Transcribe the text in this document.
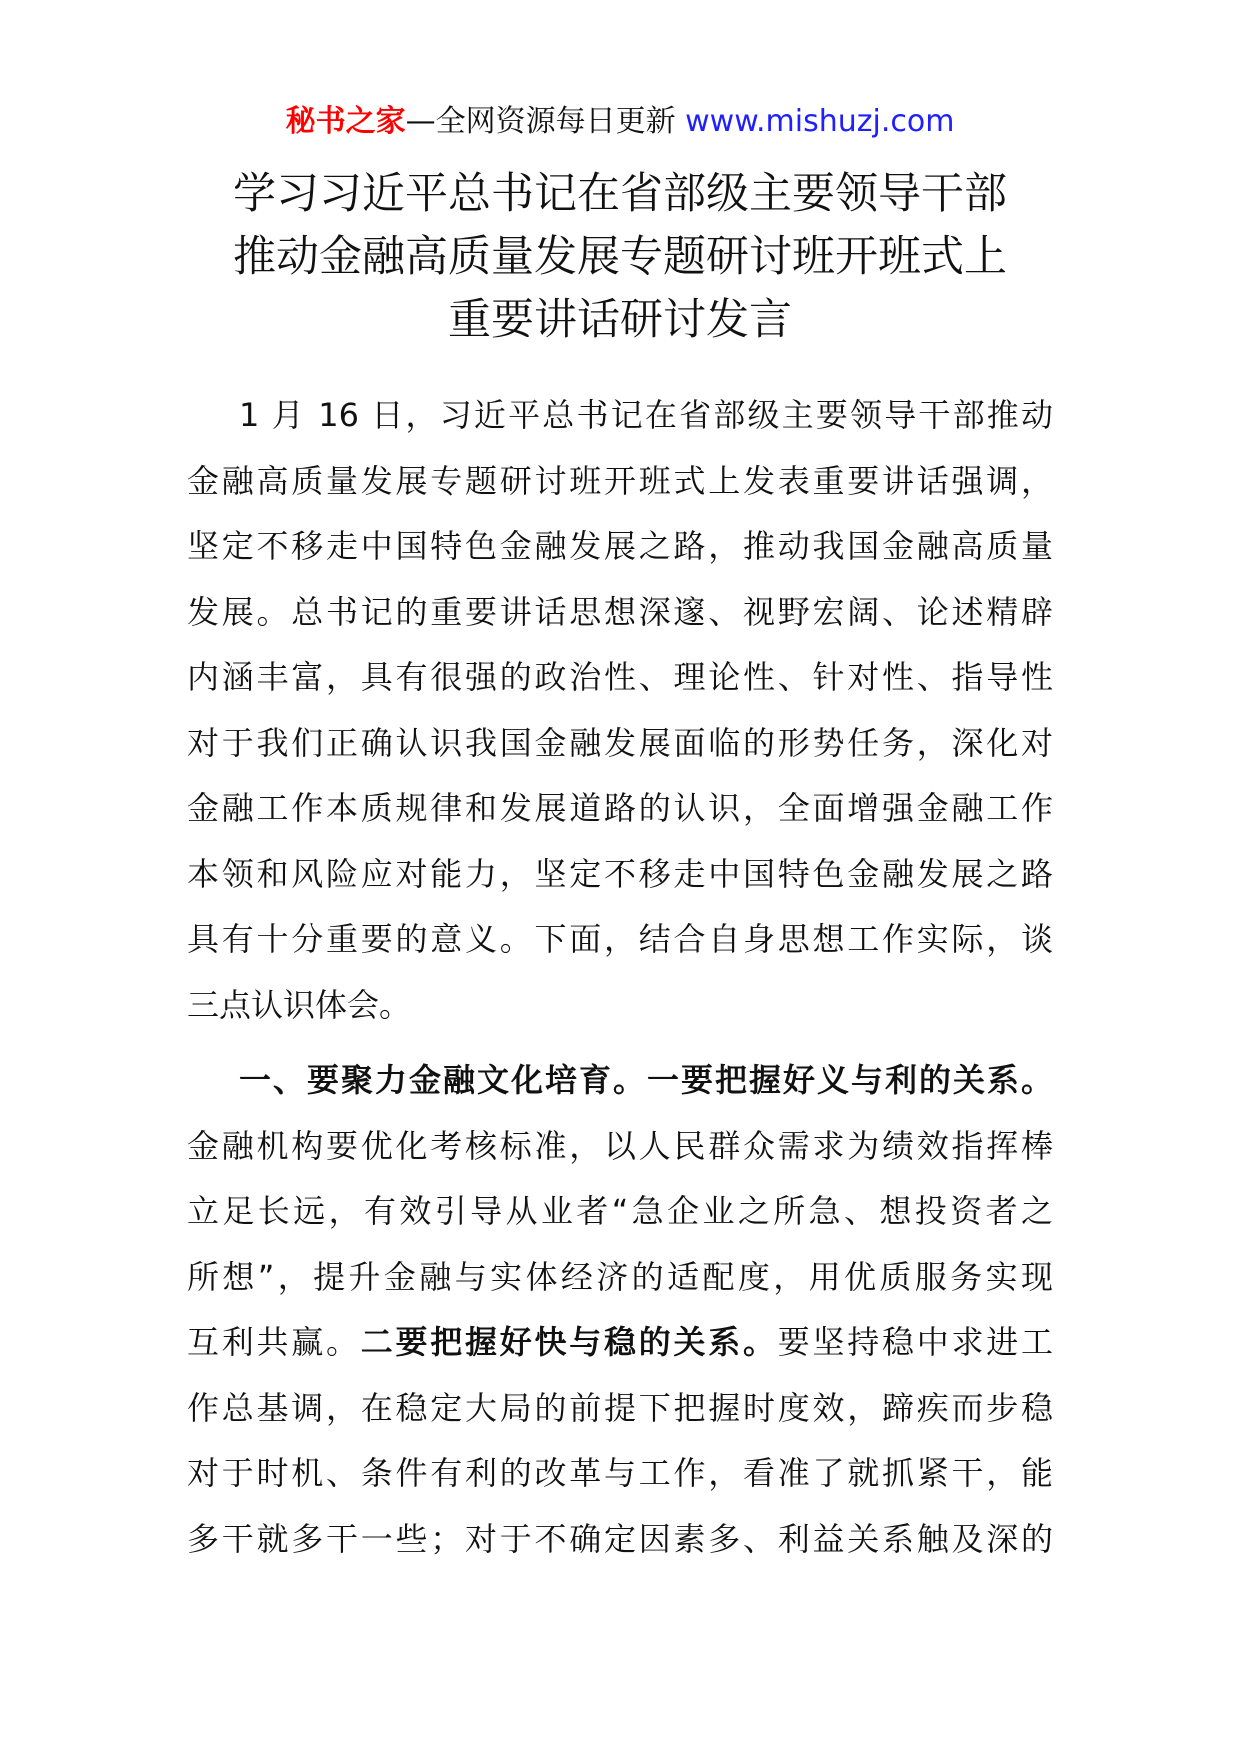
秘书之家—全网资源每日更新 www.mishuzj.com
学习习近平总书记在省部级主要领导干部
推动金融高质量发展专题研讨班开班式上
重要讲话研讨发言
1 月 16 日，习近平总书记在省部级主要领导干部推动
金融高质量发展专题研讨班开班式上发表重要讲话强调，
坚定不移走中国特色金融发展之路，推动我国金融高质量
发展。总书记的重要讲话思想深邃、视野宏阔、论述精辟
内涵丰富，具有很强的政治性、理论性、针对性、指导性
对于我们正确认识我国金融发展面临的形势任务，深化对
金融工作本质规律和发展道路的认识，全面增强金融工作
本领和风险应对能力，坚定不移走中国特色金融发展之路
具有十分重要的意义。下面，结合自身思想工作实际，谈
三点认识体会。
一、要聚力金融文化培育。一要把握好义与利的关系。
金融机构要优化考核标准，以人民群众需求为绩效指挥棒
立足长远，有效引导从业者“急企业之所急、想投资者之
所想”，提升金融与实体经济的适配度，用优质服务实现
互利共赢。二要把握好快与稳的关系。要坚持稳中求进工
作总基调，在稳定大局的前提下把握时度效，蹄疾而步稳
对于时机、条件有利的改革与工作，看准了就抓紧干，能
多干就多干一些；对于不确定因素多、利益关系触及深的
